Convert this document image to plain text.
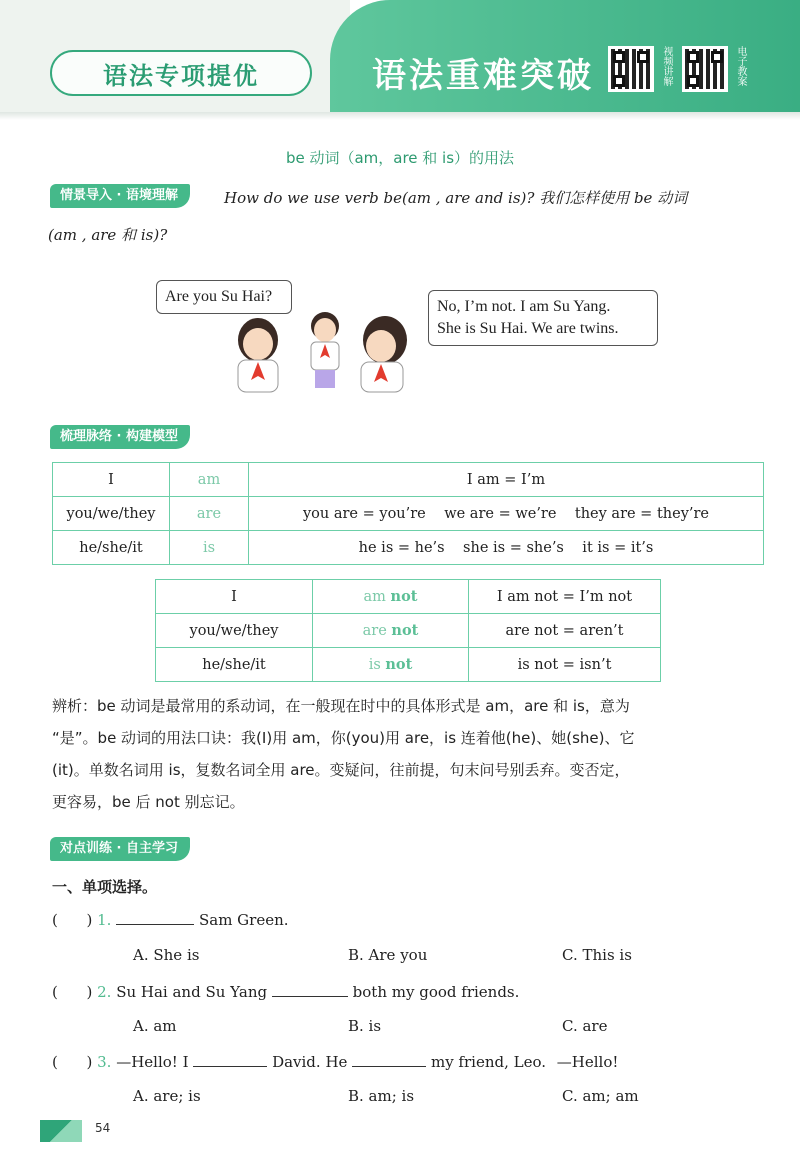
语法专项提优	语法重难突破	视频讲解	电子教案
be 动词（am，are 和 is）的用法
情景导入 · 语境理解	How do we use verb be(am , are and is)? 我们怎样使用 be 动词
(am , are 和 is)?
Are you Su Hai?
No, I’m not. I am Su Yang.
She is Su Hai. We are twins.
梳理脉络 · 构建模型
I	am	I am = I’m
you/we/they	are	you are = you’re    we are = we’re    they are = they’re
he/she/it	is	he is = he’s    she is = she’s    it is = it’s
I	am not	I am not = I’m not
you/we/they	are not	are not = aren’t
he/she/it	is not	is not = isn’t
辨析：be 动词是最常用的系动词，在一般现在时中的具体形式是 am，are 和 is，意为
“是”。be 动词的用法口诀：我(I)用 am，你(you)用 are，is 连着他(he)、她(she)、它
(it)。单数名词用 is，复数名词全用 are。变疑问，往前提，句末问号别丢弃。变否定，
更容易，be 后 not 别忘记。
对点训练 · 自主学习
一、单项选择。
(      ) 1.	Sam Green.
A. She is	B. Are you	C. This is
(      ) 2. Su Hai and Su Yang	both my good friends.
A. am	B. is	C. are
(      ) 3. —Hello! I	David. He	my friend, Leo. —Hello!
A. are; is	B. am; is	C. am; am
54
